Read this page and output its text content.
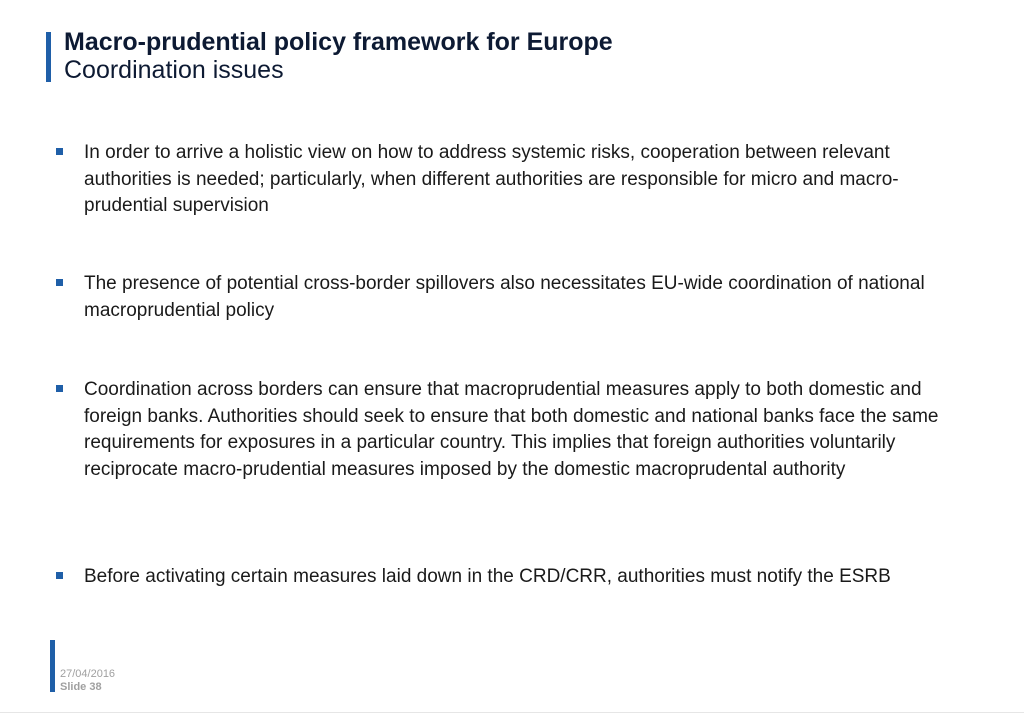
Macro-prudential policy framework for Europe
Coordination issues
In order to arrive a holistic view on how to address systemic risks, cooperation between relevant authorities is needed; particularly, when different authorities are responsible for micro and macro-prudential supervision
The presence of potential cross-border spillovers also necessitates EU-wide coordination of national macroprudential policy
Coordination across borders can ensure that macroprudential measures apply to both domestic and foreign banks. Authorities should seek to ensure that both domestic and national banks face the same requirements for exposures in a particular country. This implies that foreign authorities voluntarily reciprocate macro-prudential measures imposed by the domestic macroprudental authority
Before activating certain measures laid down in the CRD/CRR, authorities must notify the ESRB
27/04/2016
Slide 38
